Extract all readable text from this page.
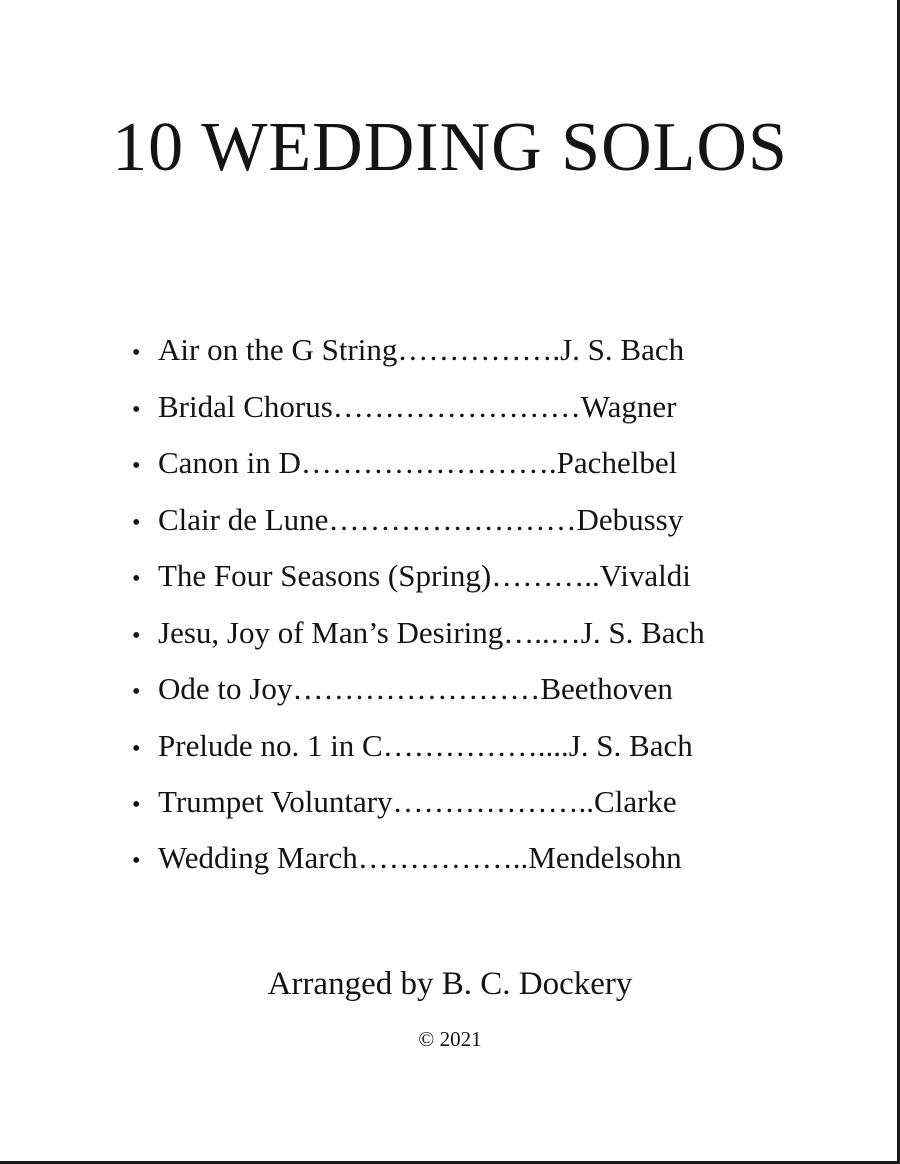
10 WEDDING SOLOS
• Air on the G String…………….J. S. Bach
• Bridal Chorus……………………Wagner
• Canon in D…………………….Pachelbel
• Clair de Lune……………………Debussy
• The Four Seasons (Spring)………..Vivaldi
• Jesu, Joy of Man’s Desiring…..…J. S. Bach
• Ode to Joy……………………Beethoven
• Prelude no. 1 in C……………....J. S. Bach
• Trumpet Voluntary………………..Clarke
• Wedding March……………..Mendelsohn
Arranged by B. C. Dockery
© 2021
